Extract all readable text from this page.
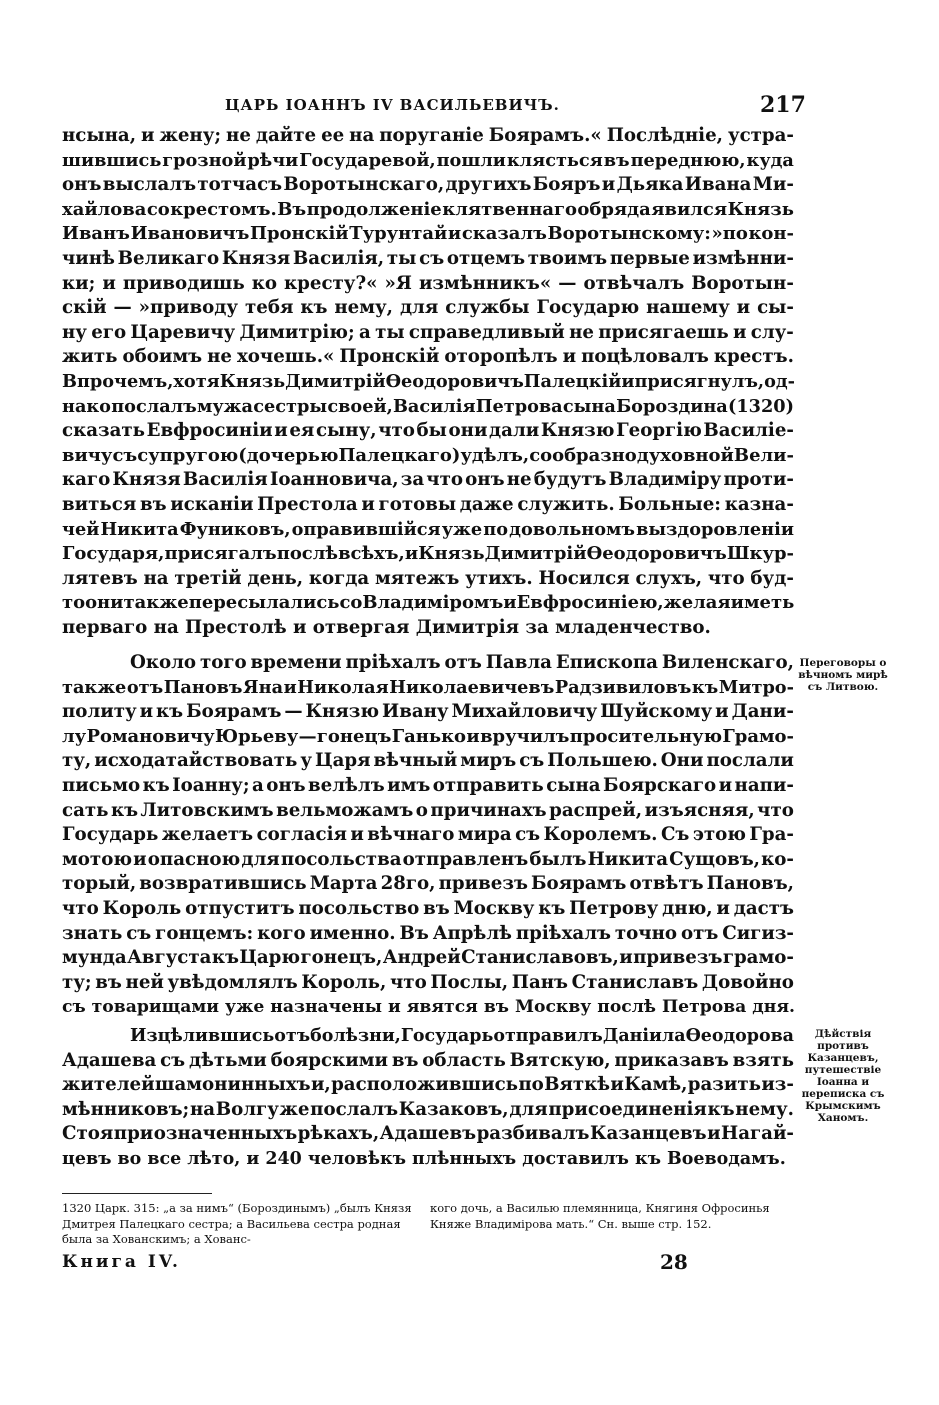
ЦАРЬ IOАННЪ IV ВАСИЛЬЕВИЧЪ.	217
нсына, и жену; не дайте ее на поруганіе Боярамъ.« Послѣдніе, устра-
шившись грозной рѣчи Государевой, пошли клясться въ переднюю, куда
онъ выслалъ тотчасъ Воротынскаго, другихъ Бояръ и Дьяка Ивана Ми-
хайлова со крестомъ. Въ продолженіе клятвеннаго обряда явился Князь
Иванъ Ивановичъ Пронскій Турунтай и сказалъ Воротынскому: »по кон-
чинѣ Великаго Князя Василія, ты съ отцемъ твоимъ первые измѣнни-
ки; и приводишь ко кресту?« »Я измѣнникъ« — отвѣчалъ Воротын-
скій — »приводу тебя къ нему, для службы Государю нашему и сы-
ну его Царевичу Димитрію; а ты справедливый не присягаешь и слу-
жить обоимъ не хочешь.« Пронскій оторопѣлъ и поцѣловалъ крестъ.
Впрочемъ, хотя Князь Димитрій Ѳеодоровичъ Палецкій и присягнулъ, од-
нако послалъ мужа сестры своей, Василія Петрова сына Бороздина (1320)
сказать Евфросиніи и ея сыну, что бы они дали Князю Георгію Василіе-
вичу съ супругою (дочерью Палецкаго) удѣлъ, сообразно духовной Вели-
каго Князя Василія Іоанновича, за что онъ не будутъ Владиміру проти-
виться въ исканіи Престола и готовы даже служить. Больные: казна-
чей Никита Фуниковъ, оправившійся уже по довольномъ выздоровленіи
Государя, присягалъ послѣ всѣхъ, и Князь Димитрій Ѳеодоровичъ Шкур-
лятевъ на третій день, когда мятежъ утихъ. Носился слухъ, что буд-
то они также пересылались со Владиміромъ и Евфросиніею, желая иметь
перваго на Престолѣ и отвергая Димитрія за младенчество.
Около того времени пріѣхалъ отъ Павла Епископа Виленскаго,
также отъ Пановъ Яна и Николая Николаевичевъ Радзивиловъ къ Митро-
политу и къ Боярамъ — Князю Ивану Михайловичу Шуйскому и Дани-
лу Романовичу Юрьеву — гонецъ Ганько и вручилъ просительную Грамо-
ту, исходатайствовать у Царя вѣчный миръ съ Польшею. Они послали
письмо къ Іоанну; а онъ велѣлъ имъ отправить сына Боярскаго и напи-
сать къ Литовскимъ вельможамъ о причинахъ распрей, изъясняя, что
Государь желаетъ согласія и вѣчнаго мира съ Королемъ. Съ этою Гра-
мотою и опасною для посольства отправленъ былъ Никита Сущовъ, ко-
торый, возвратившись Марта 28го, привезъ Боярамъ отвѣтъ Пановъ,
что Король отпуститъ посольство въ Москву къ Петрову дню, и дастъ
знать съ гонцемъ: кого именно. Въ Апрѣлѣ пріѣхалъ точно отъ Сигиз-
мунда Августа къ Царю гонецъ, Андрей Станиславовъ, и привезъ грамо-
ту; въ ней увѣдомлялъ Король, что Послы, Панъ Станиславъ Довойно
съ товарищами уже назначены и явятся въ Москву послѣ Петрова дня.
Изцѣлившись отъ болѣзни, Государь отправилъ Даніила Ѳеодорова
Адашева съ дѣтьми боярскими въ область Вятскую, приказавъ взять
жителей шамонинныхъ и, расположившись по Вяткѣ и Камѣ, разить из-
мѣнниковъ; на Волгу же послалъ Казаковъ, для присоединенія къ нему.
Стоя при означенныхъ рѣкахъ, Адашевъ разбивалъ Казанцевъ и Нагай-
цевъ во все лѣто, и 240 человѣкъ плѣнныхъ доставилъ къ Воеводамъ.
Переговоры о вѣчномъ мирѣ съ Литвою.
Дѣйствія противъ Казанцевъ, путешествіе Іоанна и переписка съ Крымскимъ Ханомъ.
1320 Царк. 315: „а за нимъ“ (Бороздинымъ) „былъ Князя Дмитрея Палецкаго сестра; а Васильева сестра родная была за Хованскимъ; а Хованс-
кого дочь, а Василью племянница, Княгиня Офросинья Княже Владимірова мать.“ Сн. выше стр. 152.
Книга IV.	28
